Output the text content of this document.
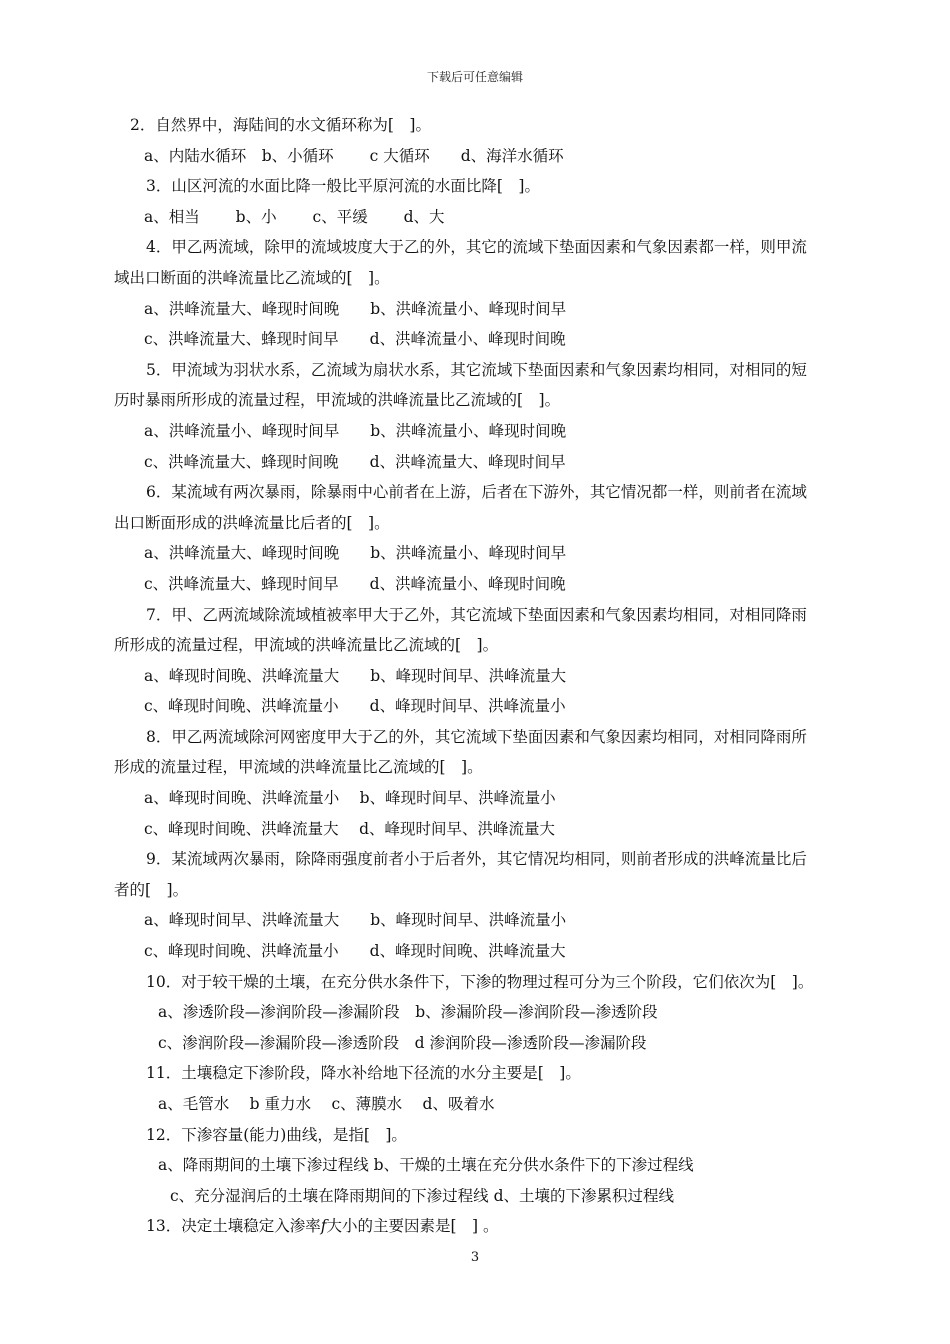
下载后可任意编辑
2．自然界中，海陆间的水文循环称为[　]。
a、内陆水循环　b、小循环　　 c 大循环　　d、海洋水循环
3．山区河流的水面比降一般比平原河流的水面比降[　]。
a、相当　　 b、小　　 c、平缓　　 d、大
4．甲乙两流域，除甲的流域坡度大于乙的外，其它的流域下垫面因素和气象因素都一样，则甲流
域出口断面的洪峰流量比乙流域的[　]。
a、洪峰流量大、峰现时间晚　　b、洪峰流量小、峰现时间早
c、洪峰流量大、蜂现时间早　　d、洪峰流量小、峰现时间晚
5．甲流域为羽状水系，乙流域为扇状水系，其它流域下垫面因素和气象因素均相同，对相同的短
历时暴雨所形成的流量过程，甲流域的洪峰流量比乙流域的[　]。
a、洪峰流量小、峰现时间早　　b、洪峰流量小、峰现时间晚
c、洪峰流量大、蜂现时间晚　　d、洪峰流量大、峰现时间早
6．某流域有两次暴雨，除暴雨中心前者在上游，后者在下游外，其它情况都一样，则前者在流域
出口断面形成的洪峰流量比后者的[　]。
a、洪峰流量大、峰现时间晚　　b、洪峰流量小、峰现时间早
c、洪峰流量大、蜂现时间早　　d、洪峰流量小、峰现时间晚
7．甲、乙两流域除流域植被率甲大于乙外，其它流域下垫面因素和气象因素均相同，对相同降雨
所形成的流量过程，甲流域的洪峰流量比乙流域的[　]。
a、峰现时间晚、洪峰流量大　　b、峰现时间早、洪峰流量大
c、峰现时间晚、洪峰流量小　　d、峰现时间早、洪峰流量小
8．甲乙两流域除河网密度甲大于乙的外，其它流域下垫面因素和气象因素均相同，对相同降雨所
形成的流量过程，甲流域的洪峰流量比乙流域的[　]。
a、峰现时间晚、洪峰流量小　 b、峰现时间早、洪峰流量小
c、峰现时间晚、洪峰流量大　 d、峰现时间早、洪峰流量大
9．某流域两次暴雨，除降雨强度前者小于后者外，其它情况均相同，则前者形成的洪峰流量比后
者的[　]。
a、峰现时间早、洪峰流量大　　b、峰现时间早、洪峰流量小
c、峰现时间晚、洪峰流量小　　d、峰现时间晚、洪峰流量大
10．对于较干燥的土壤，在充分供水条件下，下渗的物理过程可分为三个阶段，它们依次为[　]。
a、渗透阶段—渗润阶段—渗漏阶段　b、渗漏阶段—渗润阶段—渗透阶段
c、渗润阶段—渗漏阶段—渗透阶段　d 渗润阶段—渗透阶段—渗漏阶段
11．土壤稳定下渗阶段，降水补给地下径流的水分主要是[　]。
a、毛管水　 b 重力水　 c、薄膜水　 d、吸着水
12．下渗容量(能力)曲线，是指[　]。
a、降雨期间的土壤下渗过程线 b、干燥的土壤在充分供水条件下的下渗过程线
c、充分湿润后的土壤在降雨期间的下渗过程线 d、土壤的下渗累积过程线
13．决定土壤稳定入渗率f大小的主要因素是[　] 。
3
